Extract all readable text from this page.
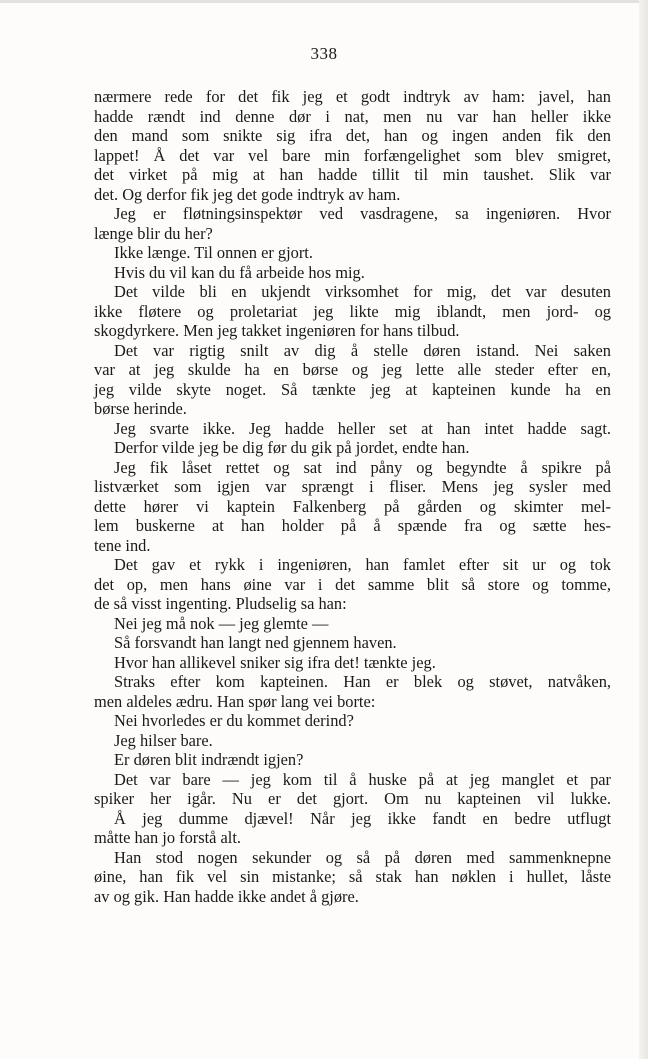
338
nærmere rede for det fik jeg et godt indtryk av ham: javel, han
hadde rændt ind denne dør i nat, men nu var han heller ikke
den mand som snikte sig ifra det, han og ingen anden fik den
lappet! Å det var vel bare min forfængelighet som blev smigret,
det virket på mig at han hadde tillit til min taushet. Slik var
det. Og derfor fik jeg det gode indtryk av ham.
Jeg er fløtningsinspektør ved vasdragene, sa ingeniøren. Hvor
længe blir du her?
Ikke længe. Til onnen er gjort.
Hvis du vil kan du få arbeide hos mig.
Det vilde bli en ukjendt virksomhet for mig, det var desuten
ikke fløtere og proletariat jeg likte mig iblandt, men jord- og
skogdyrkere. Men jeg takket ingeniøren for hans tilbud.
Det var rigtig snilt av dig å stelle døren istand. Nei saken
var at jeg skulde ha en børse og jeg lette alle steder efter en,
jeg vilde skyte noget. Så tænkte jeg at kapteinen kunde ha en
børse herinde.
Jeg svarte ikke. Jeg hadde heller set at han intet hadde sagt.
Derfor vilde jeg be dig før du gik på jordet, endte han.
Jeg fik låset rettet og sat ind påny og begyndte å spikre på
listværket som igjen var sprængt i fliser. Mens jeg sysler med
dette hører vi kaptein Falkenberg på gården og skimter mel-
lem buskerne at han holder på å spænde fra og sætte hes-
tene ind.
Det gav et rykk i ingeniøren, han famlet efter sit ur og tok
det op, men hans øine var i det samme blit så store og tomme,
de så visst ingenting. Pludselig sa han:
Nei jeg må nok — jeg glemte —
Så forsvandt han langt ned gjennem haven.
Hvor han allikevel sniker sig ifra det! tænkte jeg.
Straks efter kom kapteinen. Han er blek og støvet, natvåken,
men aldeles ædru. Han spør lang vei borte:
Nei hvorledes er du kommet derind?
Jeg hilser bare.
Er døren blit indrændt igjen?
Det var bare — jeg kom til å huske på at jeg manglet et par
spiker her igår. Nu er det gjort. Om nu kapteinen vil lukke.
Å jeg dumme djævel! Når jeg ikke fandt en bedre utflugt
måtte han jo forstå alt.
Han stod nogen sekunder og så på døren med sammenknepne
øine, han fik vel sin mistanke; så stak han nøklen i hullet, låste
av og gik. Han hadde ikke andet å gjøre.
